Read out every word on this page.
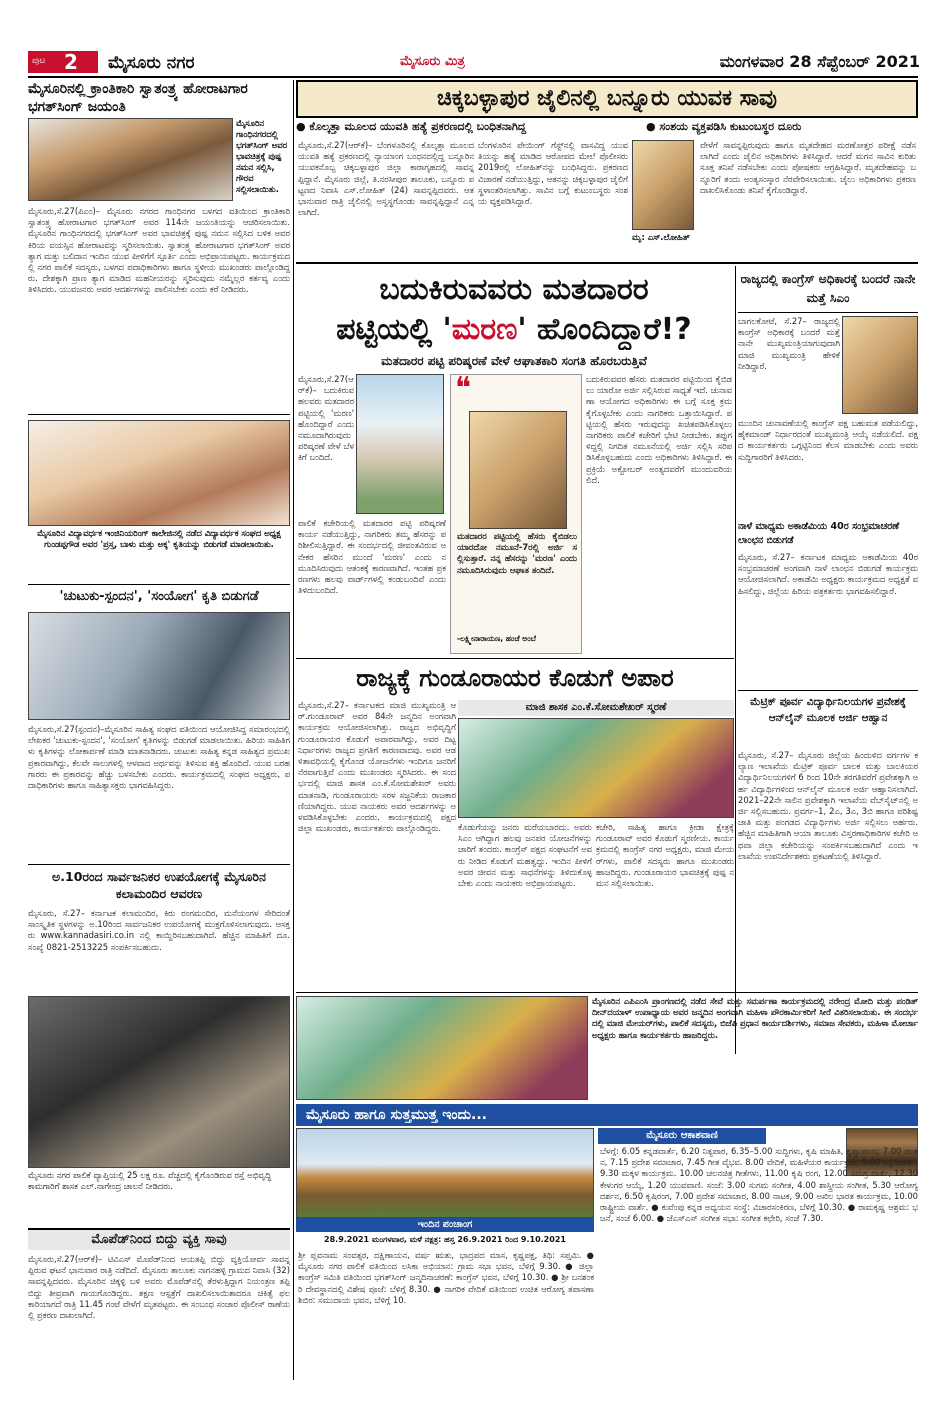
ಪುಟ 2 ಮೈಸೂರು ನಗರ	ಮೈಸೂರು ಮಿತ್ರ	ಮಂಗಳವಾರ 28 ಸೆಪ್ಟೆಂಬರ್ 2021
ಮೈಸೂರಿನಲ್ಲಿ ಕ್ರಾಂತಿಕಾರಿ ಸ್ವಾತಂತ್ರ್ಯ ಹೋರಾಟಗಾರ ಭಗತ್‌ಸಿಂಗ್ ಜಯಂತಿ
ಮೈಸೂರಿನ ಗಾಂಧಿನಗರದಲ್ಲಿ ಭಗತ್‌ಸಿಂಗ್ ಅವರ ಭಾವಚಿತ್ರಕ್ಕೆ ಪುಷ್ಪ ನಮನ ಸಲ್ಲಿಸಿ, ಗೌರವ ಸಲ್ಲಿಸಲಾಯಿತು.
ಮೈಸೂರು,ಸೆ.27(ಪಿಎಂ)– ಮೈಸೂರು ನಗರದ ಗಾಂಧಿನಗರ ಬಳಗದ ವತಿಯಿಂದ ಕ್ರಾಂತಿಕಾರಿ ಸ್ವಾತಂತ್ರ್ಯ ಹೋರಾಟಗಾರ ಭಗತ್‌ಸಿಂಗ್ ಅವರ 114ನೇ ಜಯಂತಿಯನ್ನು ಆಚರಿಸಲಾಯಿತು. ಮೈಸೂರಿನ ಗಾಂಧಿನಗರದಲ್ಲಿ ಭಗತ್‌ಸಿಂಗ್ ಅವರ ಭಾವಚಿತ್ರಕ್ಕೆ ಪುಷ್ಪ ನಮನ ಸಲ್ಲಿಸಿದ ಬಳಿಕ ಅವರ ಕಿರಿಯ ವಯಸ್ಸಿನ ಹೋರಾಟವನ್ನು ಸ್ಮರಿಸಲಾಯಿತು. ಸ್ವಾತಂತ್ರ್ಯ ಹೋರಾಟಗಾರ ಭಗತ್‌ಸಿಂಗ್ ಅವರ ತ್ಯಾಗ ಮತ್ತು ಬಲಿದಾನ ಇಂದಿನ ಯುವ ಪೀಳಿಗೆಗೆ ಸ್ಫೂರ್ತಿ ಎಂದು ಅಭಿಪ್ರಾಯಪಟ್ಟರು. ಕಾರ್ಯಕ್ರಮದಲ್ಲಿ ನಗರ ಪಾಲಿಕೆ ಸದಸ್ಯರು, ಬಳಗದ ಪದಾಧಿಕಾರಿಗಳು ಹಾಗೂ ಸ್ಥಳೀಯ ಮುಖಂಡರು ಪಾಲ್ಗೊಂಡಿದ್ದರು. ದೇಶಕ್ಕಾಗಿ ಪ್ರಾಣ ತ್ಯಾಗ ಮಾಡಿದ ಮಹನೀಯರನ್ನು ಸ್ಮರಿಸುವುದು ನಮ್ಮೆಲ್ಲರ ಕರ್ತವ್ಯ ಎಂದು ತಿಳಿಸಿದರು. ಯುವಜನರು ಅವರ ಆದರ್ಶಗಳನ್ನು ಪಾಲಿಸಬೇಕು ಎಂದು ಕರೆ ನೀಡಿದರು.
ಮೈಸೂರಿನ ವಿದ್ಯಾವರ್ಧಕ ಇಂಜಿನಿಯರಿಂಗ್ ಕಾಲೇಜಿನಲ್ಲಿ ನಡೆದ ವಿದ್ಯಾವರ್ಧಕ ಸಂಘದ ಅಧ್ಯಕ್ಷ ಗುಂಡಪ್ಪಗೌಡ ಅವರ 'ಪ್ರಸ್ತ, ಬಾಳು ಮತ್ತು ಅಕ್ಕ' ಕೃತಿಯನ್ನು ಬಿಡುಗಡೆ ಮಾಡಲಾಯಿತು.
'ಚುಟುಕು-ಸ್ಪಂದನ', 'ಸಂಯೋಗ' ಕೃತಿ ಬಿಡುಗಡೆ
ಮೈಸೂರು,ಸೆ.27(ಸ್ಪಂದನ)–ಮೈಸೂರಿನ ಸಾಹಿತ್ಯ ಸಂಘದ ವತಿಯಿಂದ ಆಯೋಜಿಸಿದ್ದ ಸಮಾರಂಭದಲ್ಲಿ ಲೇಖಕರ 'ಚುಟುಕು-ಸ್ಪಂದನ', 'ಸಂಯೋಗ' ಕೃತಿಗಳನ್ನು ಬಿಡುಗಡೆ ಮಾಡಲಾಯಿತು. ಹಿರಿಯ ಸಾಹಿತಿಗಳು ಕೃತಿಗಳನ್ನು ಲೋಕಾರ್ಪಣೆ ಮಾಡಿ ಮಾತನಾಡಿದರು. ಚುಟುಕು ಸಾಹಿತ್ಯ ಕನ್ನಡ ಸಾಹಿತ್ಯದ ಪ್ರಮುಖ ಪ್ರಕಾರವಾಗಿದ್ದು, ಕೆಲವೇ ಸಾಲುಗಳಲ್ಲಿ ಆಳವಾದ ಅರ್ಥವನ್ನು ತಿಳಿಸುವ ಶಕ್ತಿ ಹೊಂದಿದೆ. ಯುವ ಬರಹಗಾರರು ಈ ಪ್ರಕಾರವನ್ನು ಹೆಚ್ಚು ಬಳಸಬೇಕು ಎಂದರು. ಕಾರ್ಯಕ್ರಮದಲ್ಲಿ ಸಂಘದ ಅಧ್ಯಕ್ಷರು, ಪದಾಧಿಕಾರಿಗಳು ಹಾಗೂ ಸಾಹಿತ್ಯಾಸಕ್ತರು ಭಾಗವಹಿಸಿದ್ದರು.
ಅ.10ರಂದ ಸಾರ್ವಜನಿಕರ ಉಪಯೋಗಕ್ಕೆ ಮೈಸೂರಿನ ಕಲಾಮಂದಿರ ಆವರಣ
ಮೈಸೂರು, ಸೆ.27– ಕರ್ನಾಟಕ ಕಲಾಮಂದಿರ, ಕಿರು ರಂಗಮಂದಿರ, ಮನೆಯಂಗಳ ಸೇರಿದಂತೆ ಸಾಂಸ್ಕೃತಿಕ ಸ್ಥಳಗಳನ್ನು ಅ.10ರಿಂದ ಸಾರ್ವಜನಿಕರ ಉಪಯೋಗಕ್ಕೆ ಮುಕ್ತಗೊಳಿಸಲಾಗುವುದು. ಆಸಕ್ತರು www.kannadasiri.co.in ನಲ್ಲಿ ಕಾಯ್ದಿರಿಸಬಹುದಾಗಿದೆ. ಹೆಚ್ಚಿನ ಮಾಹಿತಿಗೆ ದೂ. ಸಂಖ್ಯೆ 0821-2513225 ಸಂಪರ್ಕಿಸಬಹುದು.
ಮೈಸೂರು ನಗರ ಪಾಲಿಕೆ ವ್ಯಾಪ್ತಿಯಲ್ಲಿ 25 ಲಕ್ಷ ರೂ. ವೆಚ್ಚದಲ್ಲಿ ಕೈಗೊಂಡಿರುವ ರಸ್ತೆ ಅಭಿವೃದ್ಧಿ ಕಾಮಗಾರಿಗೆ ಶಾಸಕ ಎಲ್.ನಾಗೇಂದ್ರ ಚಾಲನೆ ನೀಡಿದರು.
ಮೊಪೆಡ್‌ನಿಂದ ಬಿದ್ದು ವ್ಯಕ್ತಿ ಸಾವು
ಮೈಸೂರು,ಸೆ.27(ಆರ್‌ಕೆ)– ಟಿವಿಎಸ್ ಮೊಪೆಡ್‌ನಿಂದ ಆಯತಪ್ಪಿ ಬಿದ್ದು ವ್ಯಕ್ತಿಯೋರ್ವ ಸಾವನ್ನಪ್ಪಿರುವ ಘಟನೆ ಭಾನುವಾರ ರಾತ್ರಿ ನಡೆದಿದೆ. ಮೈಸೂರು ತಾಲೂಕು ನಾಗನಹಳ್ಳಿ ಗ್ರಾಮದ ನಿವಾಸಿ (32) ಸಾವನ್ನಪ್ಪಿದವರು. ಮೈಸೂರಿನ ಚಿಕ್ಕಳ್ಳಿ ಬಳಿ ಅವರು ಮೊಪೆಡ್‌ನಲ್ಲಿ ತೆರಳುತ್ತಿದ್ದಾಗ ನಿಯಂತ್ರಣ ತಪ್ಪಿ ಬಿದ್ದು ತೀವ್ರವಾಗಿ ಗಾಯಗೊಂಡಿದ್ದರು. ತಕ್ಷಣ ಆಸ್ಪತ್ರೆಗೆ ದಾಖಲಿಸಲಾಯಿತಾದರೂ ಚಿಕಿತ್ಸೆ ಫಲಕಾರಿಯಾಗದೆ ರಾತ್ರಿ 11.45 ಗಂಟೆ ವೇಳೆಗೆ ಮೃತಪಟ್ಟರು. ಈ ಸಂಬಂಧ ಸಂಚಾರ ಪೊಲೀಸ್ ಠಾಣೆಯಲ್ಲಿ ಪ್ರಕರಣ ದಾಖಲಾಗಿದೆ.
ಚಿಕ್ಕಬಳ್ಳಾಪುರ ಜೈಲಿನಲ್ಲಿ ಬನ್ನೂರು ಯುವಕ ಸಾವು
● ಕೊಲ್ಕತ್ತಾ ಮೂಲದ ಯುವತಿ ಹತ್ಯೆ ಪ್ರಕರಣದಲ್ಲಿ ಬಂಧಿತನಾಗಿದ್ದ	● ಸಂಶಯ ವ್ಯಕ್ತಪಡಿಸಿ ಕುಟುಂಬಸ್ಥರ ದೂರು
ಮೈಸೂರು,ಸೆ.27(ಆರ್‌ಕೆ)– ಬೆಂಗಳೂರಿನಲ್ಲಿ ಕೊಲ್ಕತ್ತಾ ಮೂಲದ ಯುವತಿ ಹತ್ಯೆ ಪ್ರಕರಣದಲ್ಲಿ ನ್ಯಾಯಾಂಗ ಬಂಧನದಲ್ಲಿದ್ದ ಬನ್ನೂರಿನ ಯುವಕನೊಬ್ಬ ಚಿಕ್ಕಬಳ್ಳಾಪುರ ಜಿಲ್ಲಾ ಕಾರಾಗೃಹದಲ್ಲಿ ಸಾವನ್ನಪ್ಪಿದ್ದಾನೆ. ಮೈಸೂರು ಜಿಲ್ಲೆ, ತಿ.ನರಸೀಪುರ ತಾಲೂಕು, ಬನ್ನೂರು ಪಟ್ಟಣದ ನಿವಾಸಿ ಎಸ್.ಲೋಹಿತ್ (24) ಸಾವನ್ನಪ್ಪಿದವರು. ಆತ ಭಾನುವಾರ ರಾತ್ರಿ ಜೈಲಿನಲ್ಲಿ ಅಸ್ವಸ್ಥಗೊಂಡು ಸಾವನ್ನಪ್ಪಿದ್ದಾನೆ ಎನ್ನಲಾಗಿದೆ.
ಬೆಂಗಳೂರಿನ ಪೇಯಿಂಗ್ ಗೆಸ್ಟ್‌ನಲ್ಲಿ ವಾಸವಿದ್ದ ಯುವತಿಯನ್ನು ಹತ್ಯೆ ಮಾಡಿದ ಆರೋಪದ ಮೇಲೆ ಪೊಲೀಸರು 2019ರಲ್ಲಿ ಲೋಹಿತ್‌ನನ್ನು ಬಂಧಿಸಿದ್ದರು. ಪ್ರಕರಣದ ವಿಚಾರಣೆ ನಡೆಯುತ್ತಿದ್ದು, ಆತನನ್ನು ಚಿಕ್ಕಬಳ್ಳಾಪುರ ಜೈಲಿಗೆ ಸ್ಥಳಾಂತರಿಸಲಾಗಿತ್ತು. ಸಾವಿನ ಬಗ್ಗೆ ಕುಟುಂಬಸ್ಥರು ಸಂಶಯ ವ್ಯಕ್ತಪಡಿಸಿದ್ದಾರೆ.
ಮೃ: ಎಸ್‌.ಲೋಹಿತ್
ವೇಳೆಗೆ ಸಾವನ್ನಪ್ಪಿರುವುದು ಹಾಗೂ ಮೃತದೇಹದ ಮರಣೋತ್ತರ ಪರೀಕ್ಷೆ ನಡೆಸಲಾಗಿದೆ ಎಂದು ಜೈಲಿನ ಅಧಿಕಾರಿಗಳು ತಿಳಿಸಿದ್ದಾರೆ. ಆದರೆ ಮಗನ ಸಾವಿನ ಕುರಿತು ಸೂಕ್ತ ತನಿಖೆ ನಡೆಸಬೇಕು ಎಂದು ಪೋಷಕರು ಆಗ್ರಹಿಸಿದ್ದಾರೆ. ಮೃತದೇಹವನ್ನು ಬನ್ನೂರಿಗೆ ತಂದು ಅಂತ್ಯಸಂಸ್ಕಾರ ನೆರವೇರಿಸಲಾಯಿತು. ಜೈಲು ಅಧಿಕಾರಿಗಳು ಪ್ರಕರಣ ದಾಖಲಿಸಿಕೊಂಡು ತನಿಖೆ ಕೈಗೊಂಡಿದ್ದಾರೆ.
ಬದುಕಿರುವವರು ಮತದಾರರ
ಪಟ್ಟಿಯಲ್ಲಿ 'ಮರಣ' ಹೊಂದಿದ್ದಾರೆ!?
ಮತದಾರರ ಪಟ್ಟಿ ಪರಿಷ್ಕರಣೆ ವೇಳೆ ಆಘಾತಕಾರಿ ಸಂಗತಿ ಹೊರಬರುತ್ತಿವೆ
ಮೈಸೂರು,ಸೆ.27(ಆರ್‌ಕೆ)– ಬದುಕಿರುವ ಹಲವರು ಮತದಾರರ ಪಟ್ಟಿಯಲ್ಲಿ 'ಮರಣ' ಹೊಂದಿದ್ದಾರೆ ಎಂದು ನಮೂದಾಗಿರುವುದು ಪರಿಷ್ಕರಣೆ ವೇಳೆ ಬೆಳಕಿಗೆ ಬಂದಿದೆ.
ಪಾಲಿಕೆ ಕಚೇರಿಯಲ್ಲಿ ಮತದಾರರ ಪಟ್ಟಿ ಪರಿಷ್ಕರಣೆ ಕಾರ್ಯ ನಡೆಯುತ್ತಿದ್ದು, ನಾಗರಿಕರು ತಮ್ಮ ಹೆಸರನ್ನು ಪರಿಶೀಲಿಸುತ್ತಿದ್ದಾರೆ. ಈ ಸಂದರ್ಭದಲ್ಲಿ ಜೀವಂತವಿರುವ ಅನೇಕರ ಹೆಸರಿನ ಮುಂದೆ 'ಮರಣ' ಎಂದು ನಮೂದಿಸಿರುವುದು ಆತಂಕಕ್ಕೆ ಕಾರಣವಾಗಿದೆ. ಇಂತಹ ಪ್ರಕರಣಗಳು ಹಲವು ವಾರ್ಡ್‌ಗಳಲ್ಲಿ ಕಂಡುಬಂದಿವೆ ಎಂದು ತಿಳಿದುಬಂದಿದೆ.
❝
ಮತದಾರರ ಪಟ್ಟಿಯಲ್ಲಿ ಹೆಸರು ಕೈಬಿಡಲು ಯಾರದೋ ನಮೂನೆ-7ರಲ್ಲಿ ಅರ್ಜಿ ಸಲ್ಲಿಸುತ್ತಾರೆ. ನನ್ನ ಹೆಸರನ್ನು 'ಮರಣ' ಎಂದು ನಮೂದಿಸಿರುವುದು ಆಘಾತ ತಂದಿದೆ.
-ಲಕ್ಷ್ಮೀನಾರಾಯಣ, ಹಂಚೆ ಅಂಬೆ
ಬದುಕಿರುವವರ ಹೆಸರು ಮತದಾರರ ಪಟ್ಟಿಯಿಂದ ಕೈಬಿಡಲು ಯಾರೋ ಅರ್ಜಿ ಸಲ್ಲಿಸಿರುವ ಸಾಧ್ಯತೆ ಇದೆ. ಚುನಾವಣಾ ಆಯೋಗದ ಅಧಿಕಾರಿಗಳು ಈ ಬಗ್ಗೆ ಸೂಕ್ತ ಕ್ರಮ ಕೈಗೊಳ್ಳಬೇಕು ಎಂದು ನಾಗರಿಕರು ಒತ್ತಾಯಿಸಿದ್ದಾರೆ. ಪಟ್ಟಿಯಲ್ಲಿ ಹೆಸರು ಇರುವುದನ್ನು ಖಚಿತಪಡಿಸಿಕೊಳ್ಳಲು ನಾಗರಿಕರು ಪಾಲಿಕೆ ಕಚೇರಿಗೆ ಭೇಟಿ ನೀಡಬೇಕು. ತಪ್ಪುಗಳಿದ್ದಲ್ಲಿ ನಿಗದಿತ ನಮೂನೆಯಲ್ಲಿ ಅರ್ಜಿ ಸಲ್ಲಿಸಿ ಸರಿಪಡಿಸಿಕೊಳ್ಳಬಹುದು ಎಂದು ಅಧಿಕಾರಿಗಳು ತಿಳಿಸಿದ್ದಾರೆ. ಈ ಪ್ರಕ್ರಿಯೆ ಅಕ್ಟೋಬರ್ ಅಂತ್ಯದವರೆಗೆ ಮುಂದುವರಿಯಲಿದೆ.
ರಾಜ್ಯದಲ್ಲಿ ಕಾಂಗ್ರೆಸ್ ಅಧಿಕಾರಕ್ಕೆ ಬಂದರೆ ನಾನೇ ಮತ್ತೆ ಸಿಎಂ
ಬಾಗಲಕೋಟೆ, ಸೆ.27– ರಾಜ್ಯದಲ್ಲಿ ಕಾಂಗ್ರೆಸ್ ಅಧಿಕಾರಕ್ಕೆ ಬಂದರೆ ಮತ್ತೆ ನಾನೇ ಮುಖ್ಯಮಂತ್ರಿಯಾಗುವುದಾಗಿ ಮಾಜಿ ಮುಖ್ಯಮಂತ್ರಿ ಹೇಳಿಕೆ ನೀಡಿದ್ದಾರೆ.
ಮುಂದಿನ ಚುನಾವಣೆಯಲ್ಲಿ ಕಾಂಗ್ರೆಸ್ ಪಕ್ಷ ಬಹುಮತ ಪಡೆಯಲಿದ್ದು, ಹೈಕಮಾಂಡ್ ನಿರ್ಧಾರದಂತೆ ಮುಖ್ಯಮಂತ್ರಿ ಆಯ್ಕೆ ನಡೆಯಲಿದೆ. ಪಕ್ಷದ ಕಾರ್ಯಕರ್ತರು ಒಗ್ಗಟ್ಟಿನಿಂದ ಕೆಲಸ ಮಾಡಬೇಕು ಎಂದು ಅವರು ಸುದ್ದಿಗಾರರಿಗೆ ತಿಳಿಸಿದರು.
ನಾಳೆ ಮಾಧ್ಯಮ ಅಕಾಡೆಮಿಯ 40ರ ಸಂಭ್ರಮಾಚರಣೆ ಲಾಂಛನ ಬಿಡುಗಡೆ
ಮೈಸೂರು, ಸೆ.27– ಕರ್ನಾಟಕ ಮಾಧ್ಯಮ ಅಕಾಡೆಮಿಯ 40ರ ಸಂಭ್ರಮಾಚರಣೆ ಅಂಗವಾಗಿ ನಾಳೆ ಲಾಂಛನ ಬಿಡುಗಡೆ ಕಾರ್ಯಕ್ರಮ ಆಯೋಜಿಸಲಾಗಿದೆ. ಅಕಾಡೆಮಿ ಅಧ್ಯಕ್ಷರು ಕಾರ್ಯಕ್ರಮದ ಅಧ್ಯಕ್ಷತೆ ವಹಿಸಲಿದ್ದು, ಜಿಲ್ಲೆಯ ಹಿರಿಯ ಪತ್ರಕರ್ತರು ಭಾಗವಹಿಸಲಿದ್ದಾರೆ.
ಮೆಟ್ರಿಕ್ ಪೂರ್ವ ವಿದ್ಯಾರ್ಥಿನಿಲಯಗಳ ಪ್ರವೇಶಕ್ಕೆ ಆನ್‌ಲೈನ್ ಮೂಲಕ ಅರ್ಜಿ ಆಹ್ವಾನ
ಮೈಸೂರು, ಸೆ.27– ಮೈಸೂರು ಜಿಲ್ಲೆಯ ಹಿಂದುಳಿದ ವರ್ಗಗಳ ಕಲ್ಯಾಣ ಇಲಾಖೆಯ ಮೆಟ್ರಿಕ್ ಪೂರ್ವ ಬಾಲಕ ಮತ್ತು ಬಾಲಕಿಯರ ವಿದ್ಯಾರ್ಥಿನಿಲಯಗಳಿಗೆ 6 ರಿಂದ 10ನೇ ತರಗತಿವರೆಗೆ ಪ್ರವೇಶಕ್ಕಾಗಿ ಅರ್ಹ ವಿದ್ಯಾರ್ಥಿಗಳಿಂದ ಆನ್‌ಲೈನ್ ಮೂಲಕ ಅರ್ಜಿ ಆಹ್ವಾನಿಸಲಾಗಿದೆ. 2021–22ನೇ ಸಾಲಿನ ಪ್ರವೇಶಕ್ಕಾಗಿ ಇಲಾಖೆಯ ವೆಬ್‌ಸೈಟ್‌ನಲ್ಲಿ ಅರ್ಜಿ ಸಲ್ಲಿಸಬಹುದು. ಪ್ರವರ್ಗ–1, 2ಎ, 3ಎ, 3ಬಿ ಹಾಗೂ ಪರಿಶಿಷ್ಟ ಜಾತಿ ಮತ್ತು ಪಂಗಡದ ವಿದ್ಯಾರ್ಥಿಗಳು ಅರ್ಜಿ ಸಲ್ಲಿಸಲು ಅರ್ಹರು. ಹೆಚ್ಚಿನ ಮಾಹಿತಿಗಾಗಿ ಆಯಾ ತಾಲೂಕು ವಿಸ್ತರಣಾಧಿಕಾರಿಗಳ ಕಚೇರಿ ಅಥವಾ ಜಿಲ್ಲಾ ಕಚೇರಿಯನ್ನು ಸಂಪರ್ಕಿಸಬಹುದಾಗಿದೆ ಎಂದು ಇಲಾಖೆಯ ಉಪನಿರ್ದೇಶಕರು ಪ್ರಕಟಣೆಯಲ್ಲಿ ತಿಳಿಸಿದ್ದಾರೆ.
ರಾಜ್ಯಕ್ಕೆ ಗುಂಡೂರಾಯರ ಕೊಡುಗೆ ಅಪಾರ
ಮೈಸೂರು,ಸೆ.27– ಕರ್ನಾಟಕದ ಮಾಜಿ ಮುಖ್ಯಮಂತ್ರಿ ಆರ್.ಗುಂಡೂರಾವ್ ಅವರ 84ನೇ ಜನ್ಮದಿನ ಅಂಗವಾಗಿ ಕಾರ್ಯಕ್ರಮ ಆಯೋಜಿಸಲಾಗಿತ್ತು. ರಾಜ್ಯದ ಅಭಿವೃದ್ಧಿಗೆ ಗುಂಡೂರಾಯರ ಕೊಡುಗೆ ಅಪಾರವಾಗಿದ್ದು, ಅವರ ದಿಟ್ಟ ನಿರ್ಧಾರಗಳು ರಾಜ್ಯದ ಪ್ರಗತಿಗೆ ಕಾರಣವಾದವು. ಅವರ ಆಡಳಿತಾವಧಿಯಲ್ಲಿ ಕೈಗೊಂಡ ಯೋಜನೆಗಳು ಇಂದಿಗೂ ಜನರಿಗೆ ನೆರವಾಗುತ್ತಿವೆ ಎಂದು ಮುಖಂಡರು ಸ್ಮರಿಸಿದರು. ಈ ಸಂದರ್ಭದಲ್ಲಿ ಮಾಜಿ ಶಾಸಕ ಎಂ.ಕೆ.ಸೋಮಶೇಖರ್ ಅವರು ಮಾತನಾಡಿ, ಗುಂಡೂರಾಯರು ಸರಳ ಸಜ್ಜನಿಕೆಯ ರಾಜಕಾರಣಿಯಾಗಿದ್ದರು. ಯುವ ನಾಯಕರು ಅವರ ಆದರ್ಶಗಳನ್ನು ಅಳವಡಿಸಿಕೊಳ್ಳಬೇಕು ಎಂದರು. ಕಾರ್ಯಕ್ರಮದಲ್ಲಿ ಪಕ್ಷದ ಜಿಲ್ಲಾ ಮುಖಂಡರು, ಕಾರ್ಯಕರ್ತರು ಪಾಲ್ಗೊಂಡಿದ್ದರು.
ಮಾಜಿ ಶಾಸಕ ಎಂ.ಕೆ.ಸೋಮಶೇಖರ್ ಸ್ಮರಣೆ
ಕೊಡುಗೆಯನ್ನು ಜನರು ಮರೆಯಬಾರದು. ಅವರು ಸಿಎಂ ಆಗಿದ್ದಾಗ ಹಲವು ಜನಪರ ಯೋಜನೆಗಳನ್ನು ಜಾರಿಗೆ ತಂದರು. ಕಾಂಗ್ರೆಸ್ ಪಕ್ಷದ ಸಂಘಟನೆಗೆ ಅವರು ನೀಡಿದ ಕೊಡುಗೆ ಮಹತ್ವದ್ದು. ಇಂದಿನ ಪೀಳಿಗೆ ಅವರ ಜೀವನ ಮತ್ತು ಸಾಧನೆಗಳನ್ನು ತಿಳಿದುಕೊಳ್ಳಬೇಕು ಎಂದು ನಾಯಕರು ಅಭಿಪ್ರಾಯಪಟ್ಟರು.
ಕಚೇರಿ, ಸಾಹಿತ್ಯ ಹಾಗೂ ಕ್ರೀಡಾ ಕ್ಷೇತ್ರಕ್ಕೆ ಗುಂಡೂರಾವ್ ಅವರ ಕೊಡುಗೆ ಸ್ಮರಣೀಯ. ಕಾರ್ಯಕ್ರಮದಲ್ಲಿ ಕಾಂಗ್ರೆಸ್ ನಗರ ಅಧ್ಯಕ್ಷರು, ಮಾಜಿ ಮೇಯರ್‌ಗಳು, ಪಾಲಿಕೆ ಸದಸ್ಯರು ಹಾಗೂ ಮುಖಂಡರು ಹಾಜರಿದ್ದರು. ಗುಂಡೂರಾಯರ ಭಾವಚಿತ್ರಕ್ಕೆ ಪುಷ್ಪ ನಮನ ಸಲ್ಲಿಸಲಾಯಿತು.
ಮೈಸೂರಿನ ಎಪಿಎಂಸಿ ಪ್ರಾಂಗಣದಲ್ಲಿ ನಡೆದ ಸೇವೆ ಮತ್ತು ಸಮರ್ಪಣಾ ಕಾರ್ಯಕ್ರಮದಲ್ಲಿ ನರೇಂದ್ರ ಮೋದಿ ಮತ್ತು ಪಂಡಿತ್ ದೀನ್‌ದಯಾಳ್ ಉಪಾಧ್ಯಾಯ ಅವರ ಜನ್ಮದಿನ ಅಂಗವಾಗಿ ಮಹಿಳಾ ಪೌರಕಾರ್ಮಿಕರಿಗೆ ಸೀರೆ ವಿತರಿಸಲಾಯಿತು. ಈ ಸಂದರ್ಭದಲ್ಲಿ ಮಾಜಿ ಮೇಯರ್‌ಗಳು, ಪಾಲಿಕೆ ಸದಸ್ಯರು, ಬಿಜೆಪಿ ಪ್ರಧಾನ ಕಾರ್ಯದರ್ಶಿಗಳು, ಸಮಾಜ ಸೇವಕರು, ಮಹಿಳಾ ಮೋರ್ಚಾ ಅಧ್ಯಕ್ಷರು ಹಾಗೂ ಕಾರ್ಯಕರ್ತರು ಹಾಜರಿದ್ದರು.
ಮೈಸೂರು ಹಾಗೂ ಸುತ್ತಮುತ್ತ ಇಂದು...
ಇಂದಿನ ಪಂಚಾಂಗ
28.9.2021 ಮಂಗಳವಾರ, ಮಳೆ ನಕ್ಷತ್ರ: ಹಸ್ತ 26.9.2021 ರಿಂದ 9.10.2021
ಶ್ರೀ ಪ್ಲವನಾಮ ಸಂವತ್ಸರ, ದಕ್ಷಿಣಾಯನ, ವರ್ಷ ಋತು, ಭಾದ್ರಪದ ಮಾಸ, ಕೃಷ್ಣಪಕ್ಷ, ತಿಥಿ: ಸಪ್ತಮಿ. ● ಮೈಸೂರು ನಗರ ಪಾಲಿಕೆ ವತಿಯಿಂದ ಲಸಿಕಾ ಅಭಿಯಾನ: ಗ್ರಾಮ ಸಭಾ ಭವನ, ಬೆಳಿಗ್ಗೆ 9.30. ● ಜಿಲ್ಲಾ ಕಾಂಗ್ರೆಸ್ ಸಮಿತಿ ವತಿಯಿಂದ ಭಗತ್‌ಸಿಂಗ್ ಜನ್ಮದಿನಾಚರಣೆ: ಕಾಂಗ್ರೆಸ್ ಭವನ, ಬೆಳಿಗ್ಗೆ 10.30. ● ಶ್ರೀ ಬನಶಂಕರಿ ದೇವಸ್ಥಾನದಲ್ಲಿ ವಿಶೇಷ ಪೂಜೆ: ಬೆಳಿಗ್ಗೆ 8.30. ● ನಾಗರಿಕ ವೇದಿಕೆ ವತಿಯಿಂದ ಉಚಿತ ಆರೋಗ್ಯ ತಪಾಸಣಾ ಶಿಬಿರ: ಸಮುದಾಯ ಭವನ, ಬೆಳಿಗ್ಗೆ 10.
ಮೈಸೂರು ಆಕಾಶವಾಣಿ
ಬೆಳಗ್ಗೆ: 6.05 ಕನ್ನಡವಾರ್ತೆ, 6.20 ನಿತ್ಯಪಾಠ, 6.35–5.00 ಸುದ್ದಿಗಳು, ಕೃಷಿ ಮಾಹಿತಿ, ಕೃಷ್ಣಾರ್ಪಣ; 7.00 ಚಿಂತನ, 7.15 ಪ್ರದೇಶ ಸಮಾಚಾರ, 7.45 ಗೀತ ವೈಭವ. 8.00 ವೇದಿಕೆ, ಮಹಿಳೆಯರ ಕಾರ್ಯಕ್ರಮ, 9.00 ಕನ್ನಡವಾರ್ತೆ, 9.30 ಮಕ್ಕಳ ಕಾರ್ಯಕ್ರಮ. 10.00 ಚಲನಚಿತ್ರ ಗೀತೆಗಳು, 11.00 ಕೃಷಿ ರಂಗ, 12.00 ಸಮಗ್ರ ವಾರ್ತೆ, 12.30 ಕೇಳುಗರ ಆಯ್ಕೆ, 1.20 ಯುವವಾಣಿ. ಸಂಜೆ: 3.00 ಸುಗಮ ಸಂಗೀತ, 4.00 ಶಾಸ್ತ್ರೀಯ ಸಂಗೀತ, 5.30 ಆರೋಗ್ಯ ದರ್ಶನ, 6.50 ಕೃಷಿರಂಗ, 7.00 ಪ್ರದೇಶ ಸಮಾಚಾರ, 8.00 ನಾಟಕ, 9.00 ಅಖಿಲ ಭಾರತ ಕಾರ್ಯಕ್ರಮ, 10.00 ರಾಷ್ಟ್ರೀಯ ವಾರ್ತೆ. ● ಕುವೆಂಪು ಕನ್ನಡ ಅಧ್ಯಯನ ಸಂಸ್ಥೆ: ವಿಚಾರಸಂಕಿರಣ, ಬೆಳಿಗ್ಗೆ 10.30. ● ರಾಮಕೃಷ್ಣ ಆಶ್ರಮ: ಭಜನೆ, ಸಂಜೆ 6.00. ● ಜೆಎಸ್‌ಎಸ್ ಸಂಗೀತ ಸಭಾ: ಸಂಗೀತ ಕಛೇರಿ, ಸಂಜೆ 7.30.
